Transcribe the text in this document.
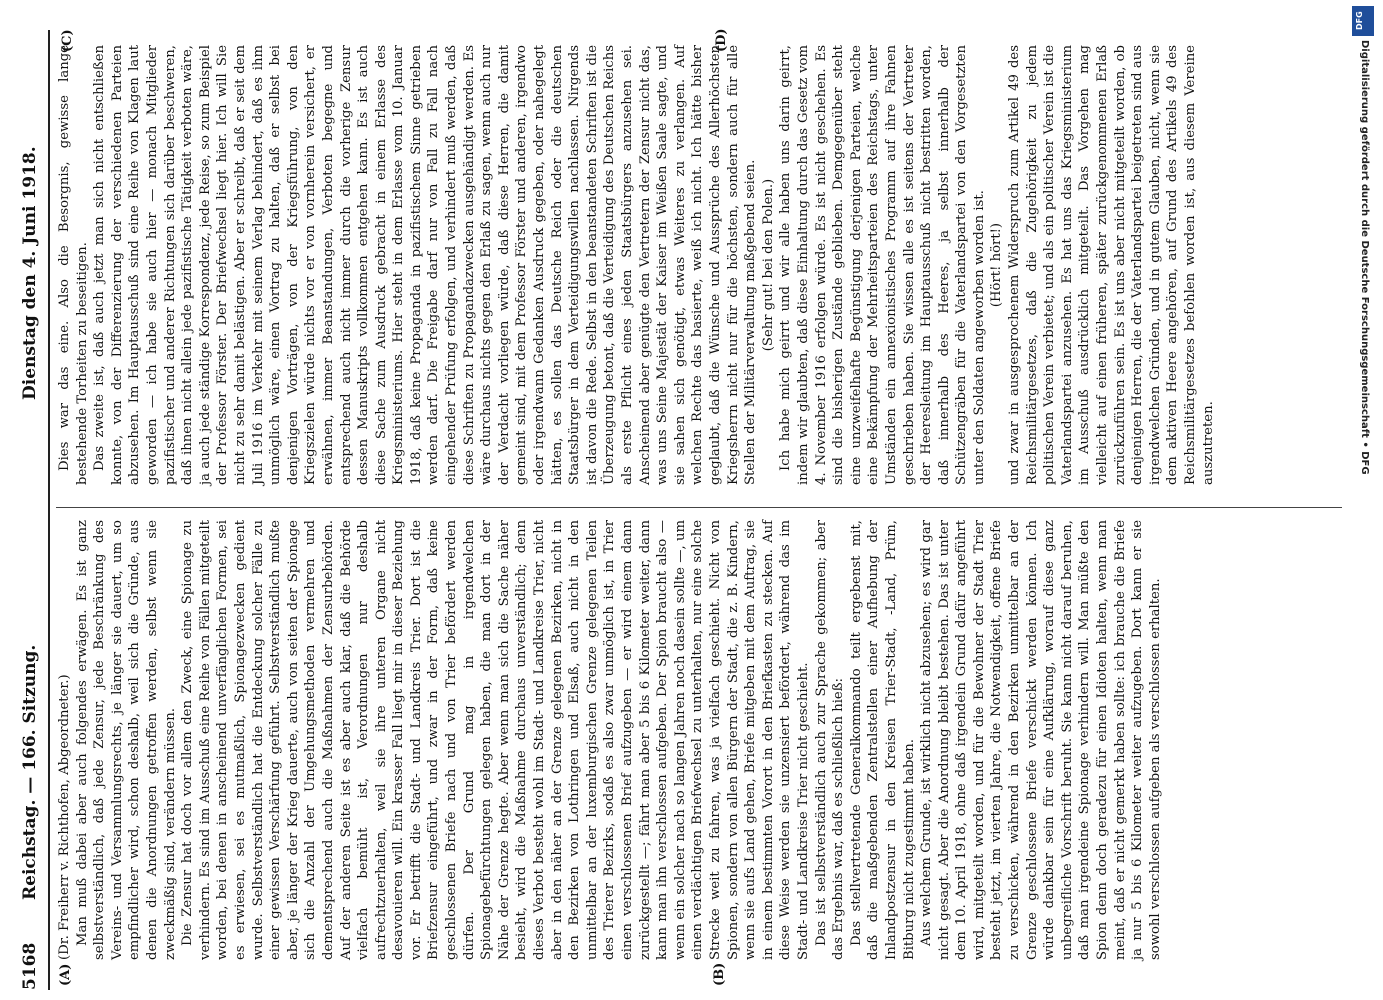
5168
Reichstag. — 166. Sitzung.
Dienstag den 4. Juni 1918.
(A)	(B)
(C)	(D)

(Dr. Freiherr v. Richthofen, Abgeordneter.) Man muß dabei aber auch folgendes erwägen. Es ist ganz selbstverständlich, daß jede Zensur, jede Beschränkung des Vereins- und Versammlungsrechts, je länger sie dauert, um so empfindlicher wird, schon deshalb, weil sich die Gründe, aus denen die Anordnungen getroffen werden, selbst wenn sie zweckmäßig sind, verändern müssen. Die Zensur hat doch vor allem den Zweck, eine Spionage zu verhindern. Es sind im Ausschuß eine Reihe von Fällen mitgeteilt worden, bei denen in anscheinend unverfänglichen Formen, sei es erwiesen, sei es mutmaßlich, Spionagezwecken gedient wurde. Selbstverständlich hat die Entdeckung solcher Fälle zu einer gewissen Verschärfung geführt. Selbstverständlich mußte aber, je länger der Krieg dauerte, auch von seiten der Spionage sich die Anzahl der Umgehungsmethoden vermehren und dementsprechend auch die Maßnahmen der Zensurbehörden. Auf der anderen Seite ist es aber auch klar, daß die Behörde vielfach bemüht ist, Verordnungen nur deshalb aufrechtzuerhalten, weil sie ihre unteren Organe nicht desavouieren will. Ein krasser Fall liegt mir in dieser Beziehung vor. Er betrifft die Stadt- und Landkreis Trier. Dort ist die Briefzensur eingeführt, und zwar in der Form, daß keine geschlossenen Briefe nach und von Trier befördert werden dürfen. Der Grund mag in irgendwelchen Spionagebefürchtungen gelegen haben, die man dort in der Nähe der Grenze hegte. Aber wenn man sich die Sache näher besieht, wird die Maßnahme durchaus unverständlich; denn dieses Verbot besteht wohl im Stadt- und Landkreise Trier, nicht aber in den näher an der Grenze gelegenen Bezirken, nicht in den Bezirken von Lothringen und Elsaß, auch nicht in den unmittelbar an der luxemburgischen Grenze gelegenen Teilen des Trierer Bezirks, sodaß es also zwar unmöglich ist, in Trier einen verschlossenen Brief aufzugeben — er wird einem dann zurückgestellt —; fährt man aber 5 bis 6 Kilometer weiter, dann kann man ihn verschlossen aufgeben. Der Spion braucht also — wenn ein solcher nach so langen Jahren noch dasein sollte —, um einen verdächtigen Briefwechsel zu unterhalten, nur eine solche Strecke weit zu fahren, was ja vielfach geschieht. Nicht von Spionen, sondern von allen Bürgern der Stadt, die z. B. Kindern, wenn sie aufs Land gehen, Briefe mitgeben mit dem Auftrag, sie in einem bestimmten Vorort in den Briefkasten zu stecken. Auf diese Weise werden sie unzensiert befördert, während das im Stadt- und Landkreise Trier nicht geschieht. Das ist selbstverständlich auch zur Sprache gekommen; aber das Ergebnis war, daß es schließlich hieß: Das stellvertretende Generalkommando teilt ergebenst mit, daß die maßgebenden Zentralstellen einer Aufhebung der Inlandpostzensur in den Kreisen Trier-Stadt, -Land, Prüm, Bitburg nicht zugestimmt haben. Aus welchem Grunde, ist wirklich nicht abzusehen; es wird gar nicht gesagt. Aber die Anordnung bleibt bestehen. Das ist unter dem 10. April 1918, ohne daß irgendein Grund dafür angeführt wird, mitgeteilt worden, und für die Bewohner der Stadt Trier besteht jetzt, im vierten Jahre, die Notwendigkeit, offene Briefe zu verschicken, während in den Bezirken unmittelbar an der Grenze geschlossene Briefe verschickt werden können. Ich würde dankbar sein für eine Aufklärung, worauf diese ganz unbegreifliche Vorschrift beruht. Sie kann nicht darauf beruhen, daß man irgendeine Spionage verhindern will. Man müßte den Spion denn doch geradezu für einen Idioten halten, wenn man meint, daß er nicht gemerkt haben sollte: ich brauche die Briefe ja nur 5 bis 6 Kilometer weiter aufzugeben. Dort kann er sie sowohl verschlossen aufgeben als verschlossen erhalten.

Dies war das eine. Also die Besorgnis, gewisse lange bestehende Torheiten zu beseitigen. Das zweite ist, daß auch jetzt man sich nicht entschließen konnte, von der Differenzierung der verschiedenen Parteien abzusehen. Im Hauptausschuß sind eine Reihe von Klagen laut geworden — ich habe sie auch hier — monach Mitglieder pazifistischer und anderer Richtungen sich darüber beschweren, daß ihnen nicht allein jede pazifistische Tätigkeit verboten wäre, ja auch jede ständige Korrespondenz, jede Reise, so zum Beispiel der Professor Förster. Der Briefwechsel liegt hier. Ich will Sie nicht zu sehr damit belästigen. Aber er schreibt, daß er seit dem Juli 1916 im Verkehr mit seinem Verlag behindert, daß es ihm unmöglich wäre, einen Vortrag zu halten, daß er selbst bei denjenigen Vorträgen, von der Kriegsführung, von den Kriegszielen würde nichts vor er von vornherein versichert, er erwähnen, immer Beanstandungen, Verboten begegne und entsprechend auch nicht immer durch die vorherige Zensur dessen Manuskripts vollkommen entgehen kann. Es ist auch diese Sache zum Ausdruck gebracht in einem Erlasse des Kriegsministeriums. Hier steht in dem Erlasse vom 10. Januar 1918, daß keine Propaganda in pazifistischem Sinne getrieben werden darf. Die Freigabe darf nur von Fall zu Fall nach eingehender Prüfung erfolgen, und verhindert muß werden, daß diese Schriften zu Propagandazwecken ausgehändigt werden. Es wäre durchaus nichts gegen den Erlaß zu sagen, wenn auch nur der Verdacht vorliegen würde, daß diese Herren, die damit gemeint sind, mit dem Professor Förster und anderen, irgendwo oder irgendwann Gedanken Ausdruck gegeben, oder nahegelegt hätten, es sollen das Deutsche Reich oder die deutschen Staatsbürger in dem Verteidigungswillen nachlassen. Nirgends ist davon die Rede. Selbst in den beanstandeten Schriften ist die Überzeugung betont, daß die Verteidigung des Deutschen Reichs als erste Pflicht eines jeden Staatsbürgers anzusehen sei. Anscheinend aber genügte den Vertretern der Zensur nicht das, was uns Seine Majestät der Kaiser im Weißen Saale sagte, und sie sahen sich genötigt, etwas Weiteres zu verlangen. Auf welchen Rechte das basierte, weiß ich nicht. Ich hätte bisher geglaubt, daß die Wünsche und Aussprüche des Allerhöchsten Kriegsherrn nicht nur für die höchsten, sondern auch für alle Stellen der Militärverwaltung maßgebend seien. (Sehr gut! bei den Polen.) Ich habe mich geirrt und wir alle haben uns darin geirrt, indem wir glaubten, daß diese Einhaltung durch das Gesetz vom 4. November 1916 erfolgen würde. Es ist nicht geschehen. Es sind die bisherigen Zustände geblieben. Demgegenüber steht eine unzweifelhafte Begünstigung derjenigen Parteien, welche eine Bekämpfung der Mehrheitsparteien des Reichstags, unter Umständen ein annexionistisches Programm auf ihre Fahnen geschrieben haben. Sie wissen alle es ist seitens der Vertreter der Heeresleitung im Hauptausschuß nicht bestritten worden, daß innerhalb des Heeres, ja selbst innerhalb der Schützengräben für die Vaterlandspartei von den Vorgesetzten unter den Soldaten angeworben worden ist. (Hört! hört!) und zwar in ausgesprochenem Widerspruch zum Artikel 49 des Reichsmilitärgesetzes, daß die Zugehörigkeit zu jedem politischen Verein verbietet; und als ein politischer Verein ist die Vaterlandspartei anzusehen. Es hat uns das Kriegsministerium im Ausschuß ausdrücklich mitgeteilt. Das Vorgehen mag vielleicht auf einen früheren, später zurückgenommenen Erlaß zurückzuführen sein. Es ist uns aber nicht mitgeteilt worden, ob denjenigen Herren, die der Vaterlandspartei beigetreten sind aus irgendwelchen Gründen, und in gutem Glauben, nicht, wenn sie dem aktiven Heere angehören, auf Grund des Artikels 49 des Reichsmilitärgesetzes befohlen worden ist, aus diesem Vereine auszutreten.

DFG
Digitalisierung gefördert durch die Deutsche Forschungsgemeinschaft • DFG
